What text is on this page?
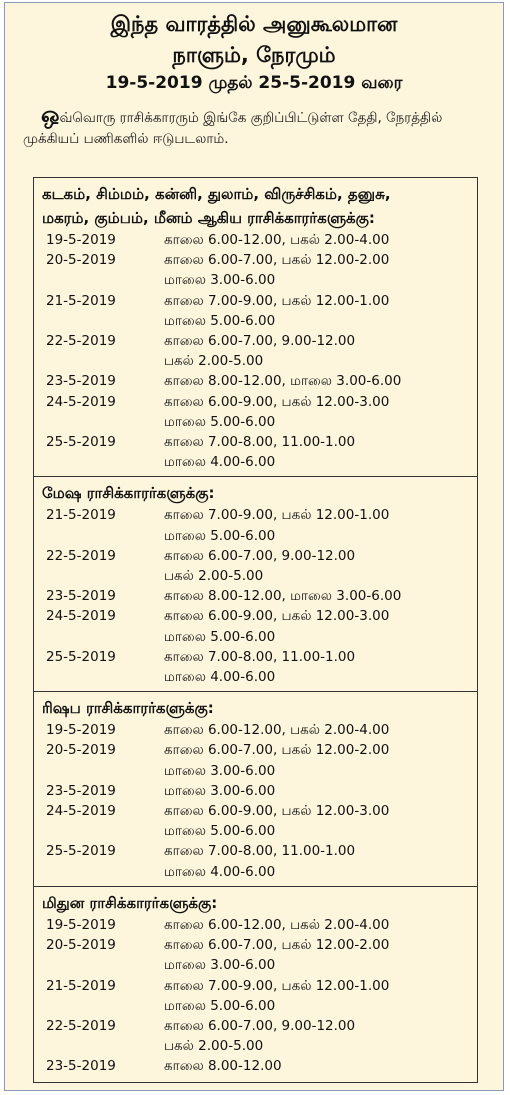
இந்த வாரத்தில் அனுகூலமான
நாளும், நேரமும்
19-5-2019 முதல் 25-5-2019 வரை

ஒவ்வொரு ராசிக்காரரும் இங்கே குறிப்பிட்டுள்ள தேதி, நேரத்தில் முக்கியப் பணிகளில் ஈடுபடலாம்.

கடகம், சிம்மம், கன்னி, துலாம், விருச்சிகம், தனுசு,
மகரம், கும்பம், மீனம் ஆகிய ராசிக்காரர்களுக்கு:
19-5-2019	காலை 6.00-12.00, பகல் 2.00-4.00
20-5-2019	காலை 6.00-7.00, பகல் 12.00-2.00
மாலை 3.00-6.00
21-5-2019	காலை 7.00-9.00, பகல் 12.00-1.00
மாலை 5.00-6.00
22-5-2019	காலை 6.00-7.00, 9.00-12.00
பகல் 2.00-5.00
23-5-2019	காலை 8.00-12.00, மாலை 3.00-6.00
24-5-2019	காலை 6.00-9.00, பகல் 12.00-3.00
மாலை 5.00-6.00
25-5-2019	காலை 7.00-8.00, 11.00-1.00
மாலை 4.00-6.00
மேஷ ராசிக்காரர்களுக்கு:
21-5-2019	காலை 7.00-9.00, பகல் 12.00-1.00
மாலை 5.00-6.00
22-5-2019	காலை 6.00-7.00, 9.00-12.00
பகல் 2.00-5.00
23-5-2019	காலை 8.00-12.00, மாலை 3.00-6.00
24-5-2019	காலை 6.00-9.00, பகல் 12.00-3.00
மாலை 5.00-6.00
25-5-2019	காலை 7.00-8.00, 11.00-1.00
மாலை 4.00-6.00
ரிஷப ராசிக்காரர்களுக்கு:
19-5-2019	காலை 6.00-12.00, பகல் 2.00-4.00
20-5-2019	காலை 6.00-7.00, பகல் 12.00-2.00
மாலை 3.00-6.00
23-5-2019	மாலை 3.00-6.00
24-5-2019	காலை 6.00-9.00, பகல் 12.00-3.00
மாலை 5.00-6.00
25-5-2019	காலை 7.00-8.00, 11.00-1.00
மாலை 4.00-6.00
மிதுன ராசிக்காரர்களுக்கு:
19-5-2019	காலை 6.00-12.00, பகல் 2.00-4.00
20-5-2019	காலை 6.00-7.00, பகல் 12.00-2.00
மாலை 3.00-6.00
21-5-2019	காலை 7.00-9.00, பகல் 12.00-1.00
மாலை 5.00-6.00
22-5-2019	காலை 6.00-7.00, 9.00-12.00
பகல் 2.00-5.00
23-5-2019	காலை 8.00-12.00
